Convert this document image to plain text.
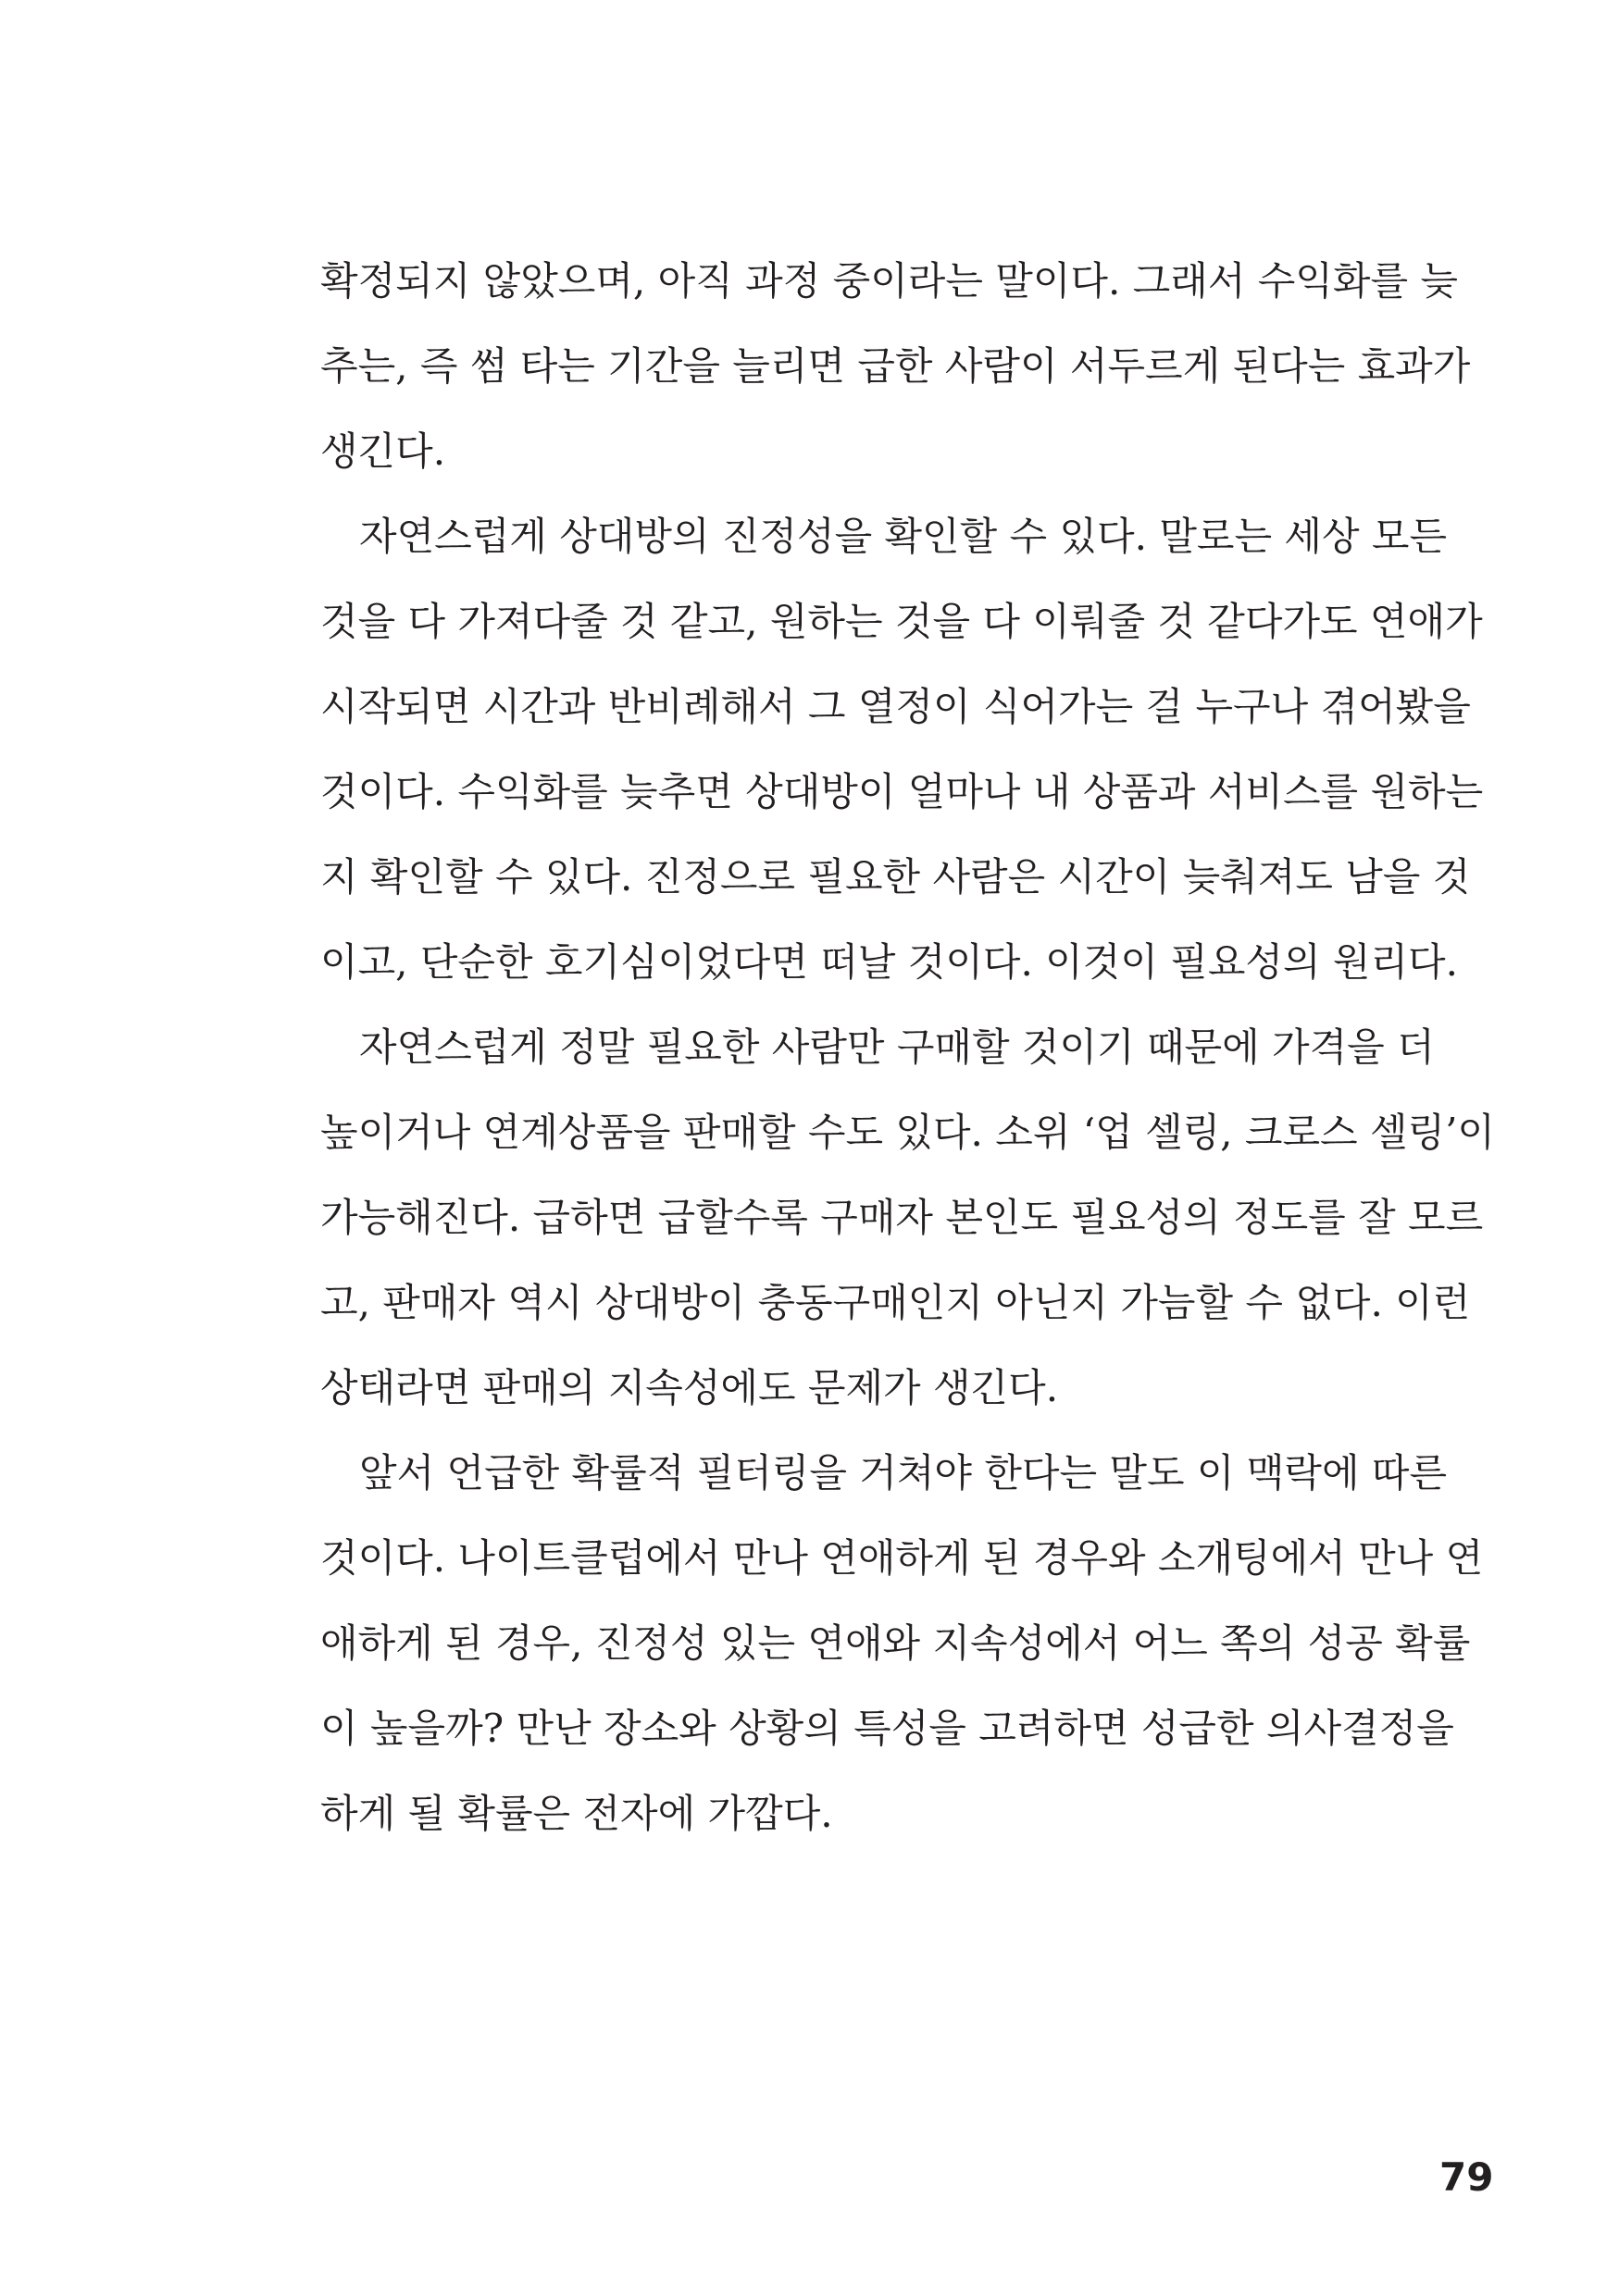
확정되지 않았으며, 아직 과정 중이라는 말이다. 그래서 수익화를 늦
추는, 즉 썸 타는 기간을 늘리면 급한 사람이 서두르게 된다는 효과가
생긴다.
자연스럽게 상대방의 진정성을 확인할 수 있다. 말로는 세상 모든
것을 다 가져다줄 것 같고, 원하는 것을 다 이뤄줄 것 같다가도 연애가
시작되면 시간과 반비례해서 그 열정이 식어가는 걸 누구나 겪어봤을
것이다. 수익화를 늦추면 상대방이 얼마나 내 상품과 서비스를 원하는
지 확인할 수 있다. 진정으로 필요한 사람은 시간이 늦춰져도 남을 것
이고, 단순한 호기심이었다면 떠날 것이다. 이것이 필요성의 원리다.
자연스럽게 정말 필요한 사람만 구매할 것이기 때문에 가격을 더
높이거나 연계상품을 판매할 수도 있다. 소위 ‘업 셀링, 크로스 셀링’이
가능해진다. 급하면 급할수록 구매자 본인도 필요성의 정도를 잘 모르
고, 판매자 역시 상대방이 충동구매인지 아닌지 가늠할 수 없다. 이런
상태라면 판매의 지속성에도 문제가 생긴다.
앞서 언급한 확률적 필터링을 거쳐야 한다는 말도 이 맥락에 따른
것이다. 나이트클럽에서 만나 연애하게 된 경우와 소개팅에서 만나 연
애하게 된 경우, 진정성 있는 연애와 지속성에서 어느 쪽의 성공 확률
이 높을까? 만난 장소와 상황의 특성을 고려하면 성급한 의사결정을
하게 될 확률은 전자에 가깝다.
79
